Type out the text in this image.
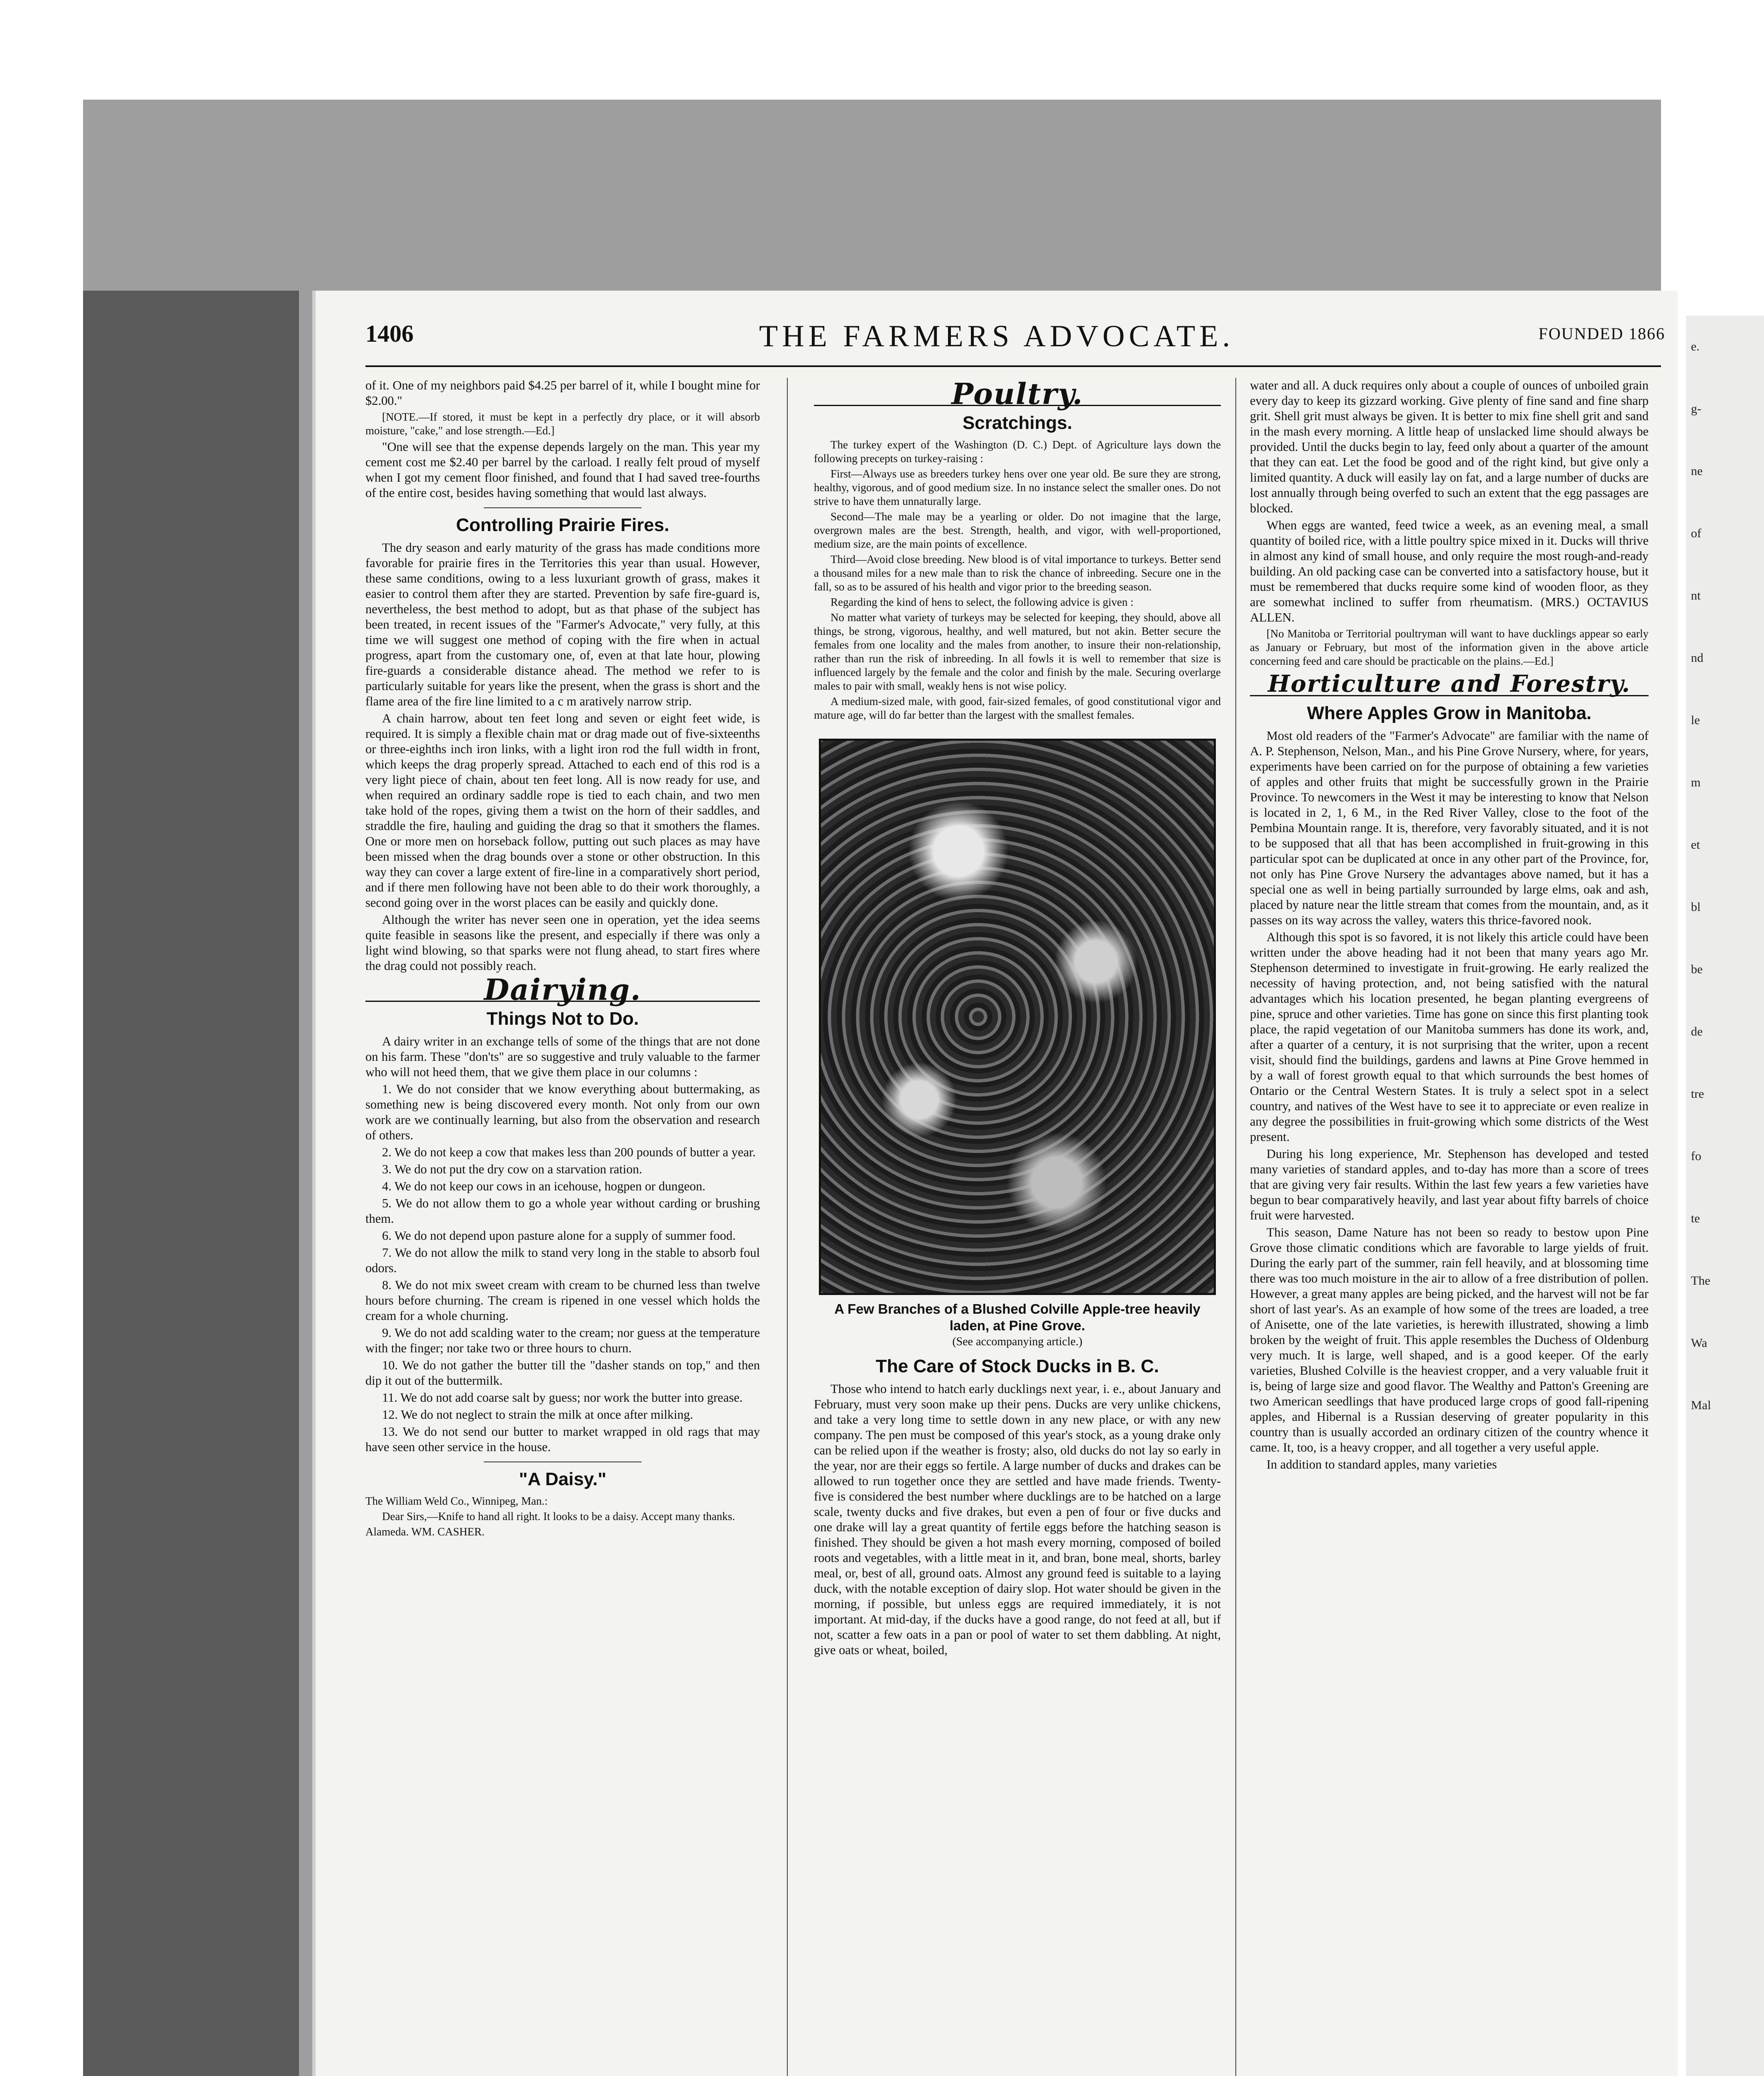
1406	THE FARMERS ADVOCATE.	FOUNDED 1866

of it. One of my neighbors paid $4.25 per barrel of it, while I bought mine for $2.00."

[NOTE.—If stored, it must be kept in a perfectly dry place, or it will absorb moisture, "cake," and lose strength.—Ed.]

"One will see that the expense depends largely on the man. This year my cement cost me $2.40 per barrel by the carload. I really felt proud of myself when I got my cement floor finished, and found that I had saved tree-fourths of the entire cost, besides having something that would last always.

Controlling Prairie Fires.

The dry season and early maturity of the grass has made conditions more favorable for prairie fires in the Territories this year than usual. However, these same conditions, owing to a less luxuriant growth of grass, makes it easier to control them after they are started. Prevention by safe fire-guard is, nevertheless, the best method to adopt, but as that phase of the subject has been treated, in recent issues of the "Farmer's Advocate," very fully, at this time we will suggest one method of coping with the fire when in actual progress, apart from the customary one, of, even at that late hour, plowing fire-guards a considerable distance ahead. The method we refer to is particularly suitable for years like the present, when the grass is short and the flame area of the fire line limited to a c m aratively narrow strip.

A chain harrow, about ten feet long and seven or eight feet wide, is required. It is simply a flexible chain mat or drag made out of five-sixteenths or three-eighths inch iron links, with a light iron rod the full width in front, which keeps the drag properly spread. Attached to each end of this rod is a very light piece of chain, about ten feet long. All is now ready for use, and when required an ordinary saddle rope is tied to each chain, and two men take hold of the ropes, giving them a twist on the horn of their saddles, and straddle the fire, hauling and guiding the drag so that it smothers the flames. One or more men on horseback follow, putting out such places as may have been missed when the drag bounds over a stone or other obstruction. In this way they can cover a large extent of fire-line in a comparatively short period, and if there men following have not been able to do their work thoroughly, a second going over in the worst places can be easily and quickly done.

Although the writer has never seen one in operation, yet the idea seems quite feasible in seasons like the present, and especially if there was only a light wind blowing, so that sparks were not flung ahead, to start fires where the drag could not possibly reach.

Dairying.
Things Not to Do.

A dairy writer in an exchange tells of some of the things that are not done on his farm. These "don'ts" are so suggestive and truly valuable to the farmer who will not heed them, that we give them place in our columns :

1. We do not consider that we know everything about buttermaking, as something new is being discovered every month. Not only from our own work are we continually learning, but also from the observation and research of others.

2. We do not keep a cow that makes less than 200 pounds of butter a year.

3. We do not put the dry cow on a starvation ration.

4. We do not keep our cows in an icehouse, hogpen or dungeon.

5. We do not allow them to go a whole year without carding or brushing them.

6. We do not depend upon pasture alone for a supply of summer food.

7. We do not allow the milk to stand very long in the stable to absorb foul odors.

8. We do not mix sweet cream with cream to be churned less than twelve hours before churning. The cream is ripened in one vessel which holds the cream for a whole churning.

9. We do not add scalding water to the cream; nor guess at the temperature with the finger; nor take two or three hours to churn.

10. We do not gather the butter till the "dasher stands on top," and then dip it out of the buttermilk.

11. We do not add coarse salt by guess; nor work the butter into grease.

12. We do not neglect to strain the milk at once after milking.

13. We do not send our butter to market wrapped in old rags that may have seen other service in the house.

"A Daisy."

The William Weld Co., Winnipeg, Man.:

Dear Sirs,—Knife to hand all right. It looks to be a daisy. Accept many thanks.

Alameda. WM. CASHER.

Poultry.
Scratchings.

The turkey expert of the Washington (D. C.) Dept. of Agriculture lays down the following precepts on turkey-raising :

First—Always use as breeders turkey hens over one year old. Be sure they are strong, healthy, vigorous, and of good medium size. In no instance select the smaller ones. Do not strive to have them unnaturally large.

Second—The male may be a yearling or older. Do not imagine that the large, overgrown males are the best. Strength, health, and vigor, with well-proportioned, medium size, are the main points of excellence.

Third—Avoid close breeding. New blood is of vital importance to turkeys. Better send a thousand miles for a new male than to risk the chance of inbreeding. Secure one in the fall, so as to be assured of his health and vigor prior to the breeding season.

Regarding the kind of hens to select, the following advice is given :

No matter what variety of turkeys may be selected for keeping, they should, above all things, be strong, vigorous, healthy, and well matured, but not akin. Better secure the females from one locality and the males from another, to insure their non-relationship, rather than run the risk of inbreeding. In all fowls it is well to remember that size is influenced largely by the female and the color and finish by the male. Securing overlarge males to pair with small, weakly hens is not wise policy.

A medium-sized male, with good, fair-sized females, of good constitutional vigor and mature age, will do far better than the largest with the smallest females.

A Few Branches of a Blushed Colville Apple-tree heavily laden, at Pine Grove.
(See accompanying article.)
The Care of Stock Ducks in B. C.

Those who intend to hatch early ducklings next year, i. e., about January and February, must very soon make up their pens. Ducks are very unlike chickens, and take a very long time to settle down in any new place, or with any new company. The pen must be composed of this year's stock, as a young drake only can be relied upon if the weather is frosty; also, old ducks do not lay so early in the year, nor are their eggs so fertile. A large number of ducks and drakes can be allowed to run together once they are settled and have made friends. Twenty-five is considered the best number where ducklings are to be hatched on a large scale, twenty ducks and five drakes, but even a pen of four or five ducks and one drake will lay a great quantity of fertile eggs before the hatching season is finished. They should be given a hot mash every morning, composed of boiled roots and vegetables, with a little meat in it, and bran, bone meal, shorts, barley meal, or, best of all, ground oats. Almost any ground feed is suitable to a laying duck, with the notable exception of dairy slop. Hot water should be given in the morning, if possible, but unless eggs are required immediately, it is not important. At mid-day, if the ducks have a good range, do not feed at all, but if not, scatter a few oats in a pan or pool of water to set them dabbling. At night, give oats or wheat, boiled,

water and all. A duck requires only about a couple of ounces of unboiled grain every day to keep its gizzard working. Give plenty of fine sand and fine sharp grit. Shell grit must always be given. It is better to mix fine shell grit and sand in the mash every morning. A little heap of unslacked lime should always be provided. Until the ducks begin to lay, feed only about a quarter of the amount that they can eat. Let the food be good and of the right kind, but give only a limited quantity. A duck will easily lay on fat, and a large number of ducks are lost annually through being overfed to such an extent that the egg passages are blocked.

When eggs are wanted, feed twice a week, as an evening meal, a small quantity of boiled rice, with a little poultry spice mixed in it. Ducks will thrive in almost any kind of small house, and only require the most rough-and-ready building. An old packing case can be converted into a satisfactory house, but it must be remembered that ducks require some kind of wooden floor, as they are somewhat inclined to suffer from rheumatism. (MRS.) OCTAVIUS ALLEN.

[No Manitoba or Territorial poultryman will want to have ducklings appear so early as January or February, but most of the information given in the above article concerning feed and care should be practicable on the plains.—Ed.]

Horticulture and Forestry.
Where Apples Grow in Manitoba.

Most old readers of the "Farmer's Advocate" are familiar with the name of A. P. Stephenson, Nelson, Man., and his Pine Grove Nursery, where, for years, experiments have been carried on for the purpose of obtaining a few varieties of apples and other fruits that might be successfully grown in the Prairie Province. To newcomers in the West it may be interesting to know that Nelson is located in 2, 1, 6 M., in the Red River Valley, close to the foot of the Pembina Mountain range. It is, therefore, very favorably situated, and it is not to be supposed that all that has been accomplished in fruit-growing in this particular spot can be duplicated at once in any other part of the Province, for, not only has Pine Grove Nursery the advantages above named, but it has a special one as well in being partially surrounded by large elms, oak and ash, placed by nature near the little stream that comes from the mountain, and, as it passes on its way across the valley, waters this thrice-favored nook.

Although this spot is so favored, it is not likely this article could have been written under the above heading had it not been that many years ago Mr. Stephenson determined to investigate in fruit-growing. He early realized the necessity of having protection, and, not being satisfied with the natural advantages which his location presented, he began planting evergreens of pine, spruce and other varieties. Time has gone on since this first planting took place, the rapid vegetation of our Manitoba summers has done its work, and, after a quarter of a century, it is not surprising that the writer, upon a recent visit, should find the buildings, gardens and lawns at Pine Grove hemmed in by a wall of forest growth equal to that which surrounds the best homes of Ontario or the Central Western States. It is truly a select spot in a select country, and natives of the West have to see it to appreciate or even realize in any degree the possibilities in fruit-growing which some districts of the West present.

During his long experience, Mr. Stephenson has developed and tested many varieties of standard apples, and to-day has more than a score of trees that are giving very fair results. Within the last few years a few varieties have begun to bear comparatively heavily, and last year about fifty barrels of choice fruit were harvested.

This season, Dame Nature has not been so ready to bestow upon Pine Grove those climatic conditions which are favorable to large yields of fruit. During the early part of the summer, rain fell heavily, and at blossoming time there was too much moisture in the air to allow of a free distribution of pollen. However, a great many apples are being picked, and the harvest will not be far short of last year's. As an example of how some of the trees are loaded, a tree of Anisette, one of the late varieties, is herewith illustrated, showing a limb broken by the weight of fruit. This apple resembles the Duchess of Oldenburg very much. It is large, well shaped, and is a good keeper. Of the early varieties, Blushed Colville is the heaviest cropper, and a very valuable fruit it is, being of large size and good flavor. The Wealthy and Patton's Greening are two American seedlings that have produced large crops of good fall-ripening apples, and Hibernal is a Russian deserving of greater popularity in this country than is usually accorded an ordinary citizen of the country whence it came. It, too, is a heavy cropper, and all together a very useful apple.

In addition to standard apples, many varieties

e.
g-
ne
of
nt
nd
le
m
et
bl
be
de
tre
fo
te
The
Wa
Mal
